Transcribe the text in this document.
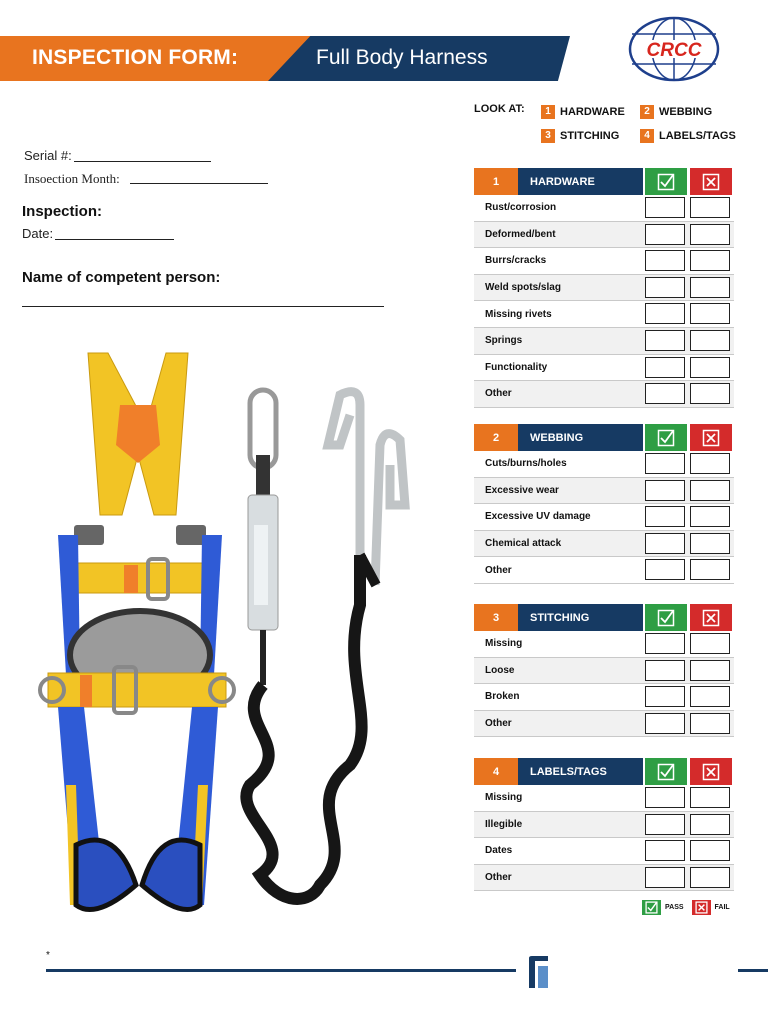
INSPECTION FORM:	Full Body Harness	CRCC
Serial #:
Insoection Month:
Inspection:
Date:
Name of competent person:
LOOK AT:	1 HARDWARE	2 WEBBING
3 STITCHING	4 LABELS/TAGS
1	HARDWARE
Rust/corrosion
Deformed/bent
Burrs/cracks
Weld spots/slag
Missing rivets
Springs
Functionality
Other
2	WEBBING
Cuts/burns/holes
Excessive wear
Excessive UV damage
Chemical attack
Other
3	STITCHING
Missing
Loose
Broken
Other
4	LABELS/TAGS
Missing
Illegible
Dates
Other
PASS	FAIL
*
